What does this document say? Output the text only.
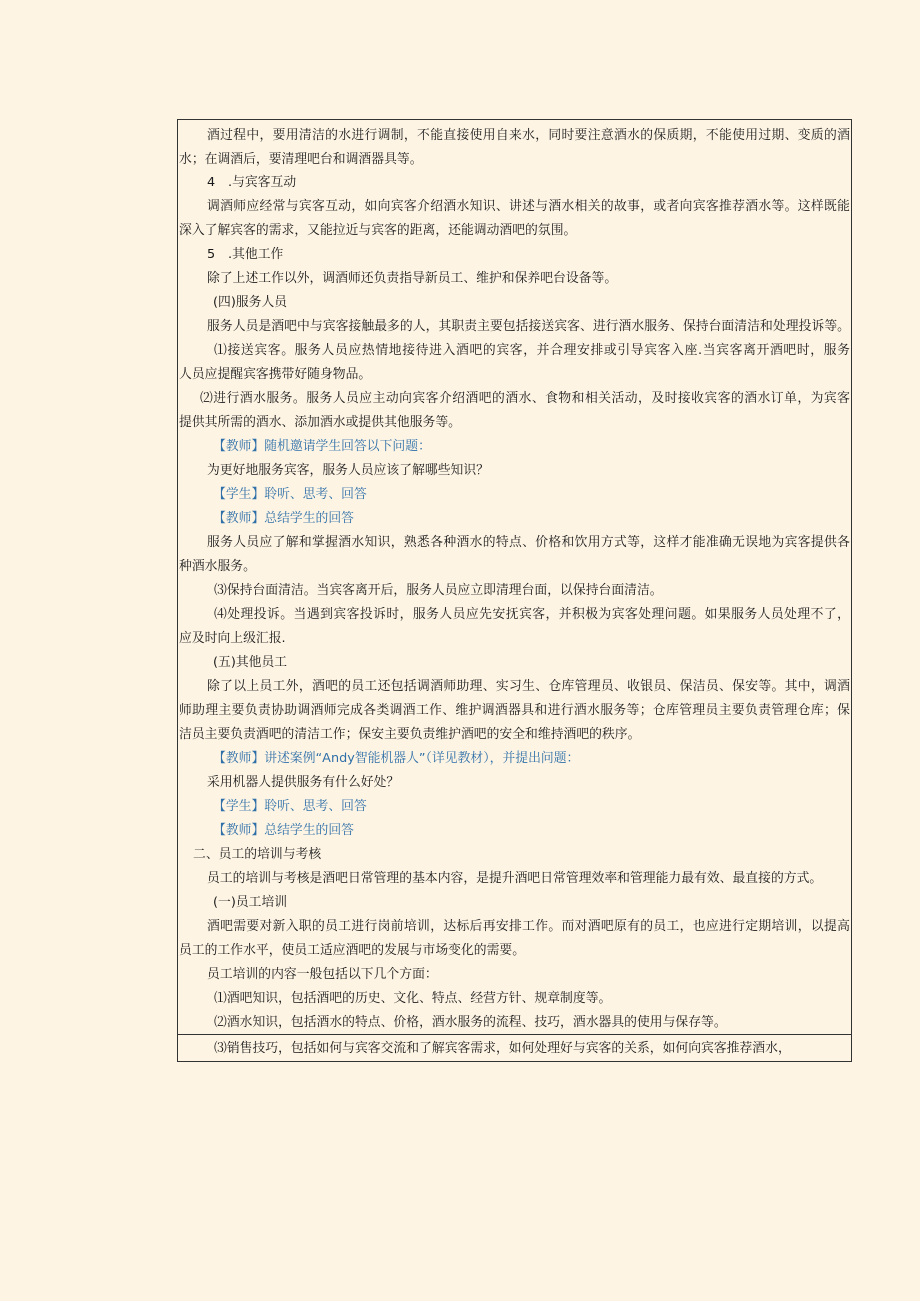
酒过程中，要用清洁的水进行调制，不能直接使用自来水，同时要注意酒水的保质期，不能使用过期、变质的酒

水；在调酒后，要清理吧台和调酒器具等。

4　.与宾客互动

调酒师应经常与宾客互动，如向宾客介绍酒水知识、讲述与酒水相关的故事，或者向宾客推荐酒水等。这样既能

深入了解宾客的需求，又能拉近与宾客的距离，还能调动酒吧的氛围。

5　.其他工作

除了上述工作以外，调酒师还负责指导新员工、维护和保养吧台设备等。

(四)服务人员

服务人员是酒吧中与宾客接触最多的人，其职责主要包括接送宾客、进行酒水服务、保持台面清洁和处理投诉等。

⑴接送宾客。服务人员应热情地接待进入酒吧的宾客，并合理安排或引导宾客入座.当宾客离开酒吧时，服务

人员应提醒宾客携带好随身物品。

⑵进行酒水服务。服务人员应主动向宾客介绍酒吧的酒水、食物和相关活动，及时接收宾客的酒水订单，为宾客

提供其所需的酒水、添加酒水或提供其他服务等。

【教师】随机邀请学生回答以下问题：

为更好地服务宾客，服务人员应该了解哪些知识？

【学生】聆听、思考、回答

【教师】总结学生的回答

服务人员应了解和掌握酒水知识，熟悉各种酒水的特点、价格和饮用方式等，这样才能准确无误地为宾客提供各

种酒水服务。

⑶保持台面清洁。当宾客离开后，服务人员应立即清理台面，以保持台面清洁。

⑷处理投诉。当遇到宾客投诉时，服务人员应先安抚宾客，并积极为宾客处理问题。如果服务人员处理不了，

应及时向上级汇报.

(五)其他员工

除了以上员工外，酒吧的员工还包括调酒师助理、实习生、仓库管理员、收银员、保洁员、保安等。其中，调酒

师助理主要负责协助调酒师完成各类调酒工作、维护调酒器具和进行酒水服务等；仓库管理员主要负责管理仓库；保

洁员主要负责酒吧的清洁工作；保安主要负责维护酒吧的安全和维持酒吧的秩序。

【教师】讲述案例“Andy智能机器人”（详见教材），并提出问题：

采用机器人提供服务有什么好处？

【学生】聆听、思考、回答

【教师】总结学生的回答

二、员工的培训与考核

员工的培训与考核是酒吧日常管理的基本内容，是提升酒吧日常管理效率和管理能力最有效、最直接的方式。

(一)员工培训

酒吧需要对新入职的员工进行岗前培训，达标后再安排工作。而对酒吧原有的员工，也应进行定期培训，以提高

员工的工作水平，使员工适应酒吧的发展与市场变化的需要。

员工培训的内容一般包括以下几个方面：

⑴酒吧知识，包括酒吧的历史、文化、特点、经营方针、规章制度等。

⑵酒水知识，包括酒水的特点、价格，酒水服务的流程、技巧，酒水器具的使用与保存等。

⑶销售技巧，包括如何与宾客交流和了解宾客需求，如何处理好与宾客的关系，如何向宾客推荐酒水，
